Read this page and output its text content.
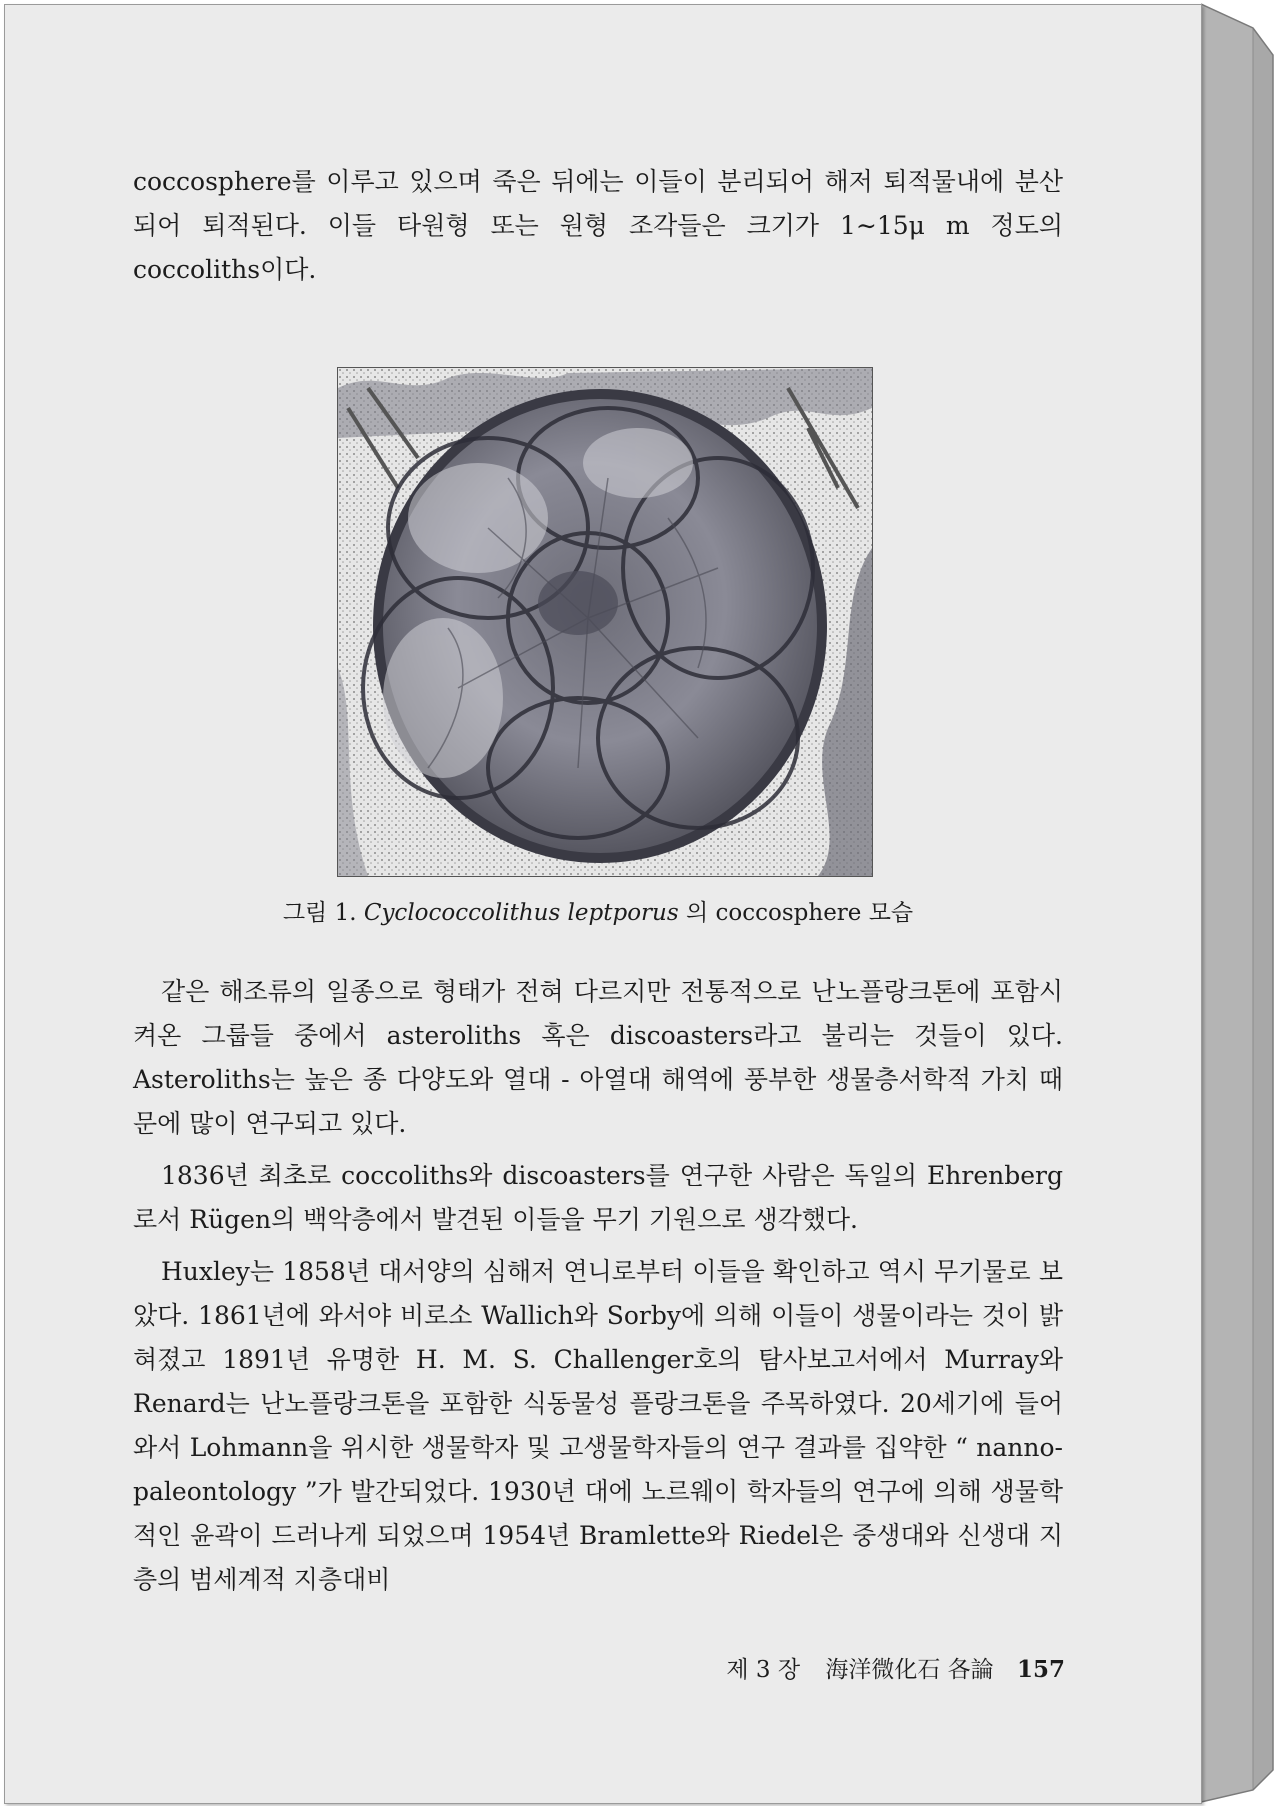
coccosphere를 이루고 있으며 죽은 뒤에는 이들이 분리되어 해저 퇴적물내에 분산되어 퇴적된다. 이들 타원형 또는 원형 조각들은 크기가 1∼15μ m 정도의 coccoliths이다.

그림 1. Cyclococcolithus leptporus 의 coccosphere 모습

같은 해조류의 일종으로 형태가 전혀 다르지만 전통적으로 난노플랑크톤에 포함시켜온 그룹들 중에서 asteroliths 혹은 discoasters라고 불리는 것들이 있다. Asteroliths는 높은 종 다양도와 열대 - 아열대 해역에 풍부한 생물층서학적 가치 때문에 많이 연구되고 있다.

1836년 최초로 coccoliths와 discoasters를 연구한 사람은 독일의 Ehrenberg로서 Rügen의 백악층에서 발견된 이들을 무기 기원으로 생각했다.

Huxley는 1858년 대서양의 심해저 연니로부터 이들을 확인하고 역시 무기물로 보았다. 1861년에 와서야 비로소 Wallich와 Sorby에 의해 이들이 생물이라는 것이 밝혀졌고 1891년 유명한 H. M. S. Challenger호의 탐사보고서에서 Murray와 Renard는 난노플랑크톤을 포함한 식동물성 플랑크톤을 주목하였다. 20세기에 들어와서 Lohmann을 위시한 생물학자 및 고생물학자들의 연구 결과를 집약한 “ nanno-paleontology ”가 발간되었다. 1930년 대에 노르웨이 학자들의 연구에 의해 생물학적인 윤곽이 드러나게 되었으며 1954년 Bramlette와 Riedel은 중생대와 신생대 지층의 범세계적 지층대비

제 3 장 海洋微化石 各論 157
